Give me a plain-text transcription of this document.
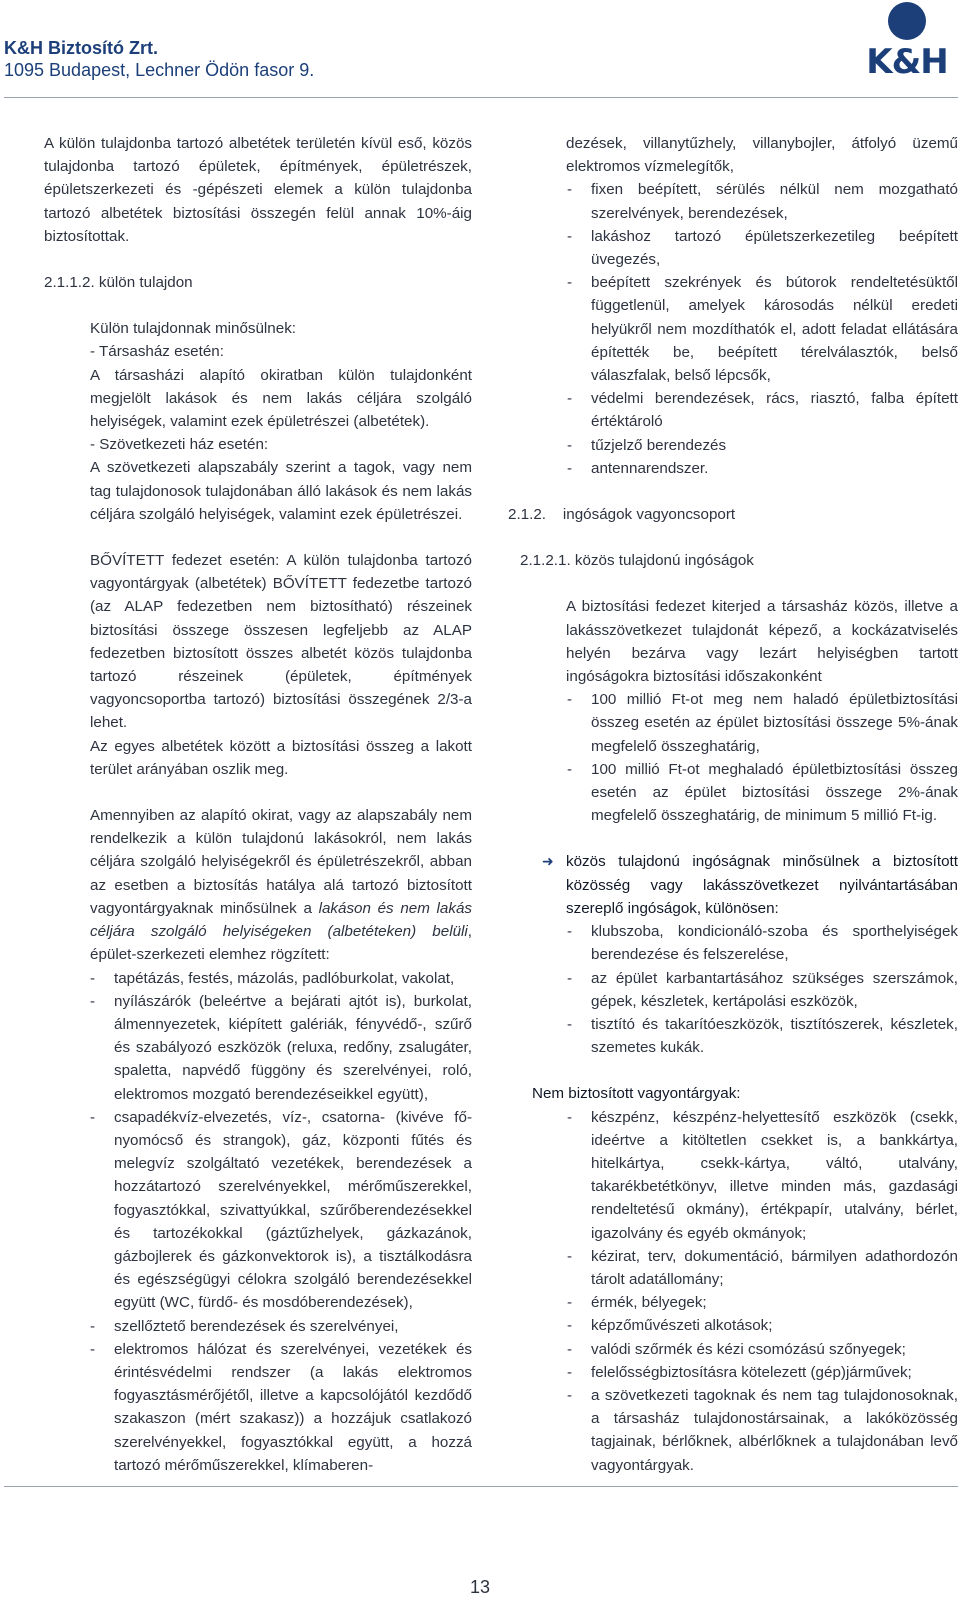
K&H Biztosító Zrt.
1095 Budapest, Lechner Ödön fasor 9.	K&H

A külön tulajdonba tartozó albetétek területén kívül eső, közös tulajdonba tartozó épületek, építmények, épületrészek, épületszerkezeti és -gépészeti elemek a külön tulajdonba tartozó albetétek biztosítási összegén felül annak 10%-áig biztosítottak.

2.1.1.2. külön tulajdon

Külön tulajdonnak minősülnek:

- Társasház esetén:

A társasházi alapító okiratban külön tulajdonként megjelölt lakások és nem lakás céljára szolgáló helyiségek, valamint ezek épületrészei (albetétek).

- Szövetkezeti ház esetén:

A szövetkezeti alapszabály szerint a tagok, vagy nem tag tulajdonosok tulajdonában álló lakások és nem lakás céljára szolgáló helyiségek, valamint ezek épületrészei.

BŐVÍTETT fedezet esetén: A külön tulajdonba tartozó vagyontárgyak (albetétek) BŐVÍTETT fedezetbe tartozó (az ALAP fedezetben nem biztosítható) részeinek biztosítási összege összesen legfeljebb az ALAP fedezetben biztosított összes albetét közös tulajdonba tartozó részeinek (épületek, építmények vagyoncsoportba tartozó) biztosítási összegének 2/3-a lehet.

Az egyes albetétek között a biztosítási összeg a lakott terület arányában oszlik meg.

Amennyiben az alapító okirat, vagy az alapszabály nem rendelkezik a külön tulajdonú lakásokról, nem lakás céljára szolgáló helyiségekről és épületrészekről, abban az esetben a biztosítás hatálya alá tartozó biztosított vagyontárgyaknak minősülnek a lakáson és nem lakás céljára szolgáló helyiségeken (albetéteken) belüli, épület-szerkezeti elemhez rögzített:

- tapétázás, festés, mázolás, padlóburkolat, vakolat,

- nyílászárók (beleértve a bejárati ajtót is), burkolat, álmennyezetek, kiépített galériák, fényvédő-, szűrő és szabályozó eszközök (reluxa, redőny, zsalugáter, spaletta, napvédő függöny és szerelvényei, roló, elektromos mozgató berendezéseikkel együtt),

- csapadékvíz-elvezetés, víz-, csatorna- (kivéve fő-nyomócső és strangok), gáz, központi fűtés és melegvíz szolgáltató vezetékek, berendezések a hozzátartozó szerelvényekkel, mérőműszerekkel, fogyasztókkal, szivattyúkkal, szűrőberendezésekkel és tartozékokkal (gáztűzhelyek, gázkazánok, gázbojlerek és gázkonvektorok is), a tisztálkodásra és egészségügyi célokra szolgáló berendezésekkel együtt (WC, fürdő- és mosdóberendezések),

- szellőztető berendezések és szerelvényei,

- elektromos hálózat és szerelvényei, vezetékek és érintésvédelmi rendszer (a lakás elektromos fogyasztásmérőjétől, illetve a kapcsolójától kezdődő szakaszon (mért szakasz)) a hozzájuk csatlakozó szerelvényekkel, fogyasztókkal együtt, a hozzá tartozó mérőműszerekkel, klímaberen-

dezések, villanytűzhely, villanybojler, átfolyó üzemű elektromos vízmelegítők,

- fixen beépített, sérülés nélkül nem mozgatható szerelvények, berendezések,

- lakáshoz tartozó épületszerkezetileg beépített üvegezés,

- beépített szekrények és bútorok rendeltetésüktől függetlenül, amelyek károsodás nélkül eredeti helyükről nem mozdíthatók el, adott feladat ellátására építették be, beépített térelválasztók, belső válaszfalak, belső lépcsők,

- védelmi berendezések, rács, riasztó, falba épített értéktároló

- tűzjelző berendezés

- antennarendszer.

2.1.2. ingóságok vagyoncsoport

2.1.2.1. közös tulajdonú ingóságok

A biztosítási fedezet kiterjed a társasház közös, illetve a lakásszövetkezet tulajdonát képező, a kockázatviselés helyén bezárva vagy lezárt helyiségben tartott ingóságokra biztosítási időszakonként

- 100 millió Ft-ot meg nem haladó épületbiztosítási összeg esetén az épület biztosítási összege 5%-ának megfelelő összeghatárig,

- 100 millió Ft-ot meghaladó épületbiztosítási összeg esetén az épület biztosítási összege 2%-ának megfelelő összeghatárig, de minimum 5 millió Ft-ig.

➜ közös tulajdonú ingóságnak minősülnek a biztosított közösség vagy lakásszövetkezet nyilvántartásában szereplő ingóságok, különösen:

- klubszoba, kondicionáló-szoba és sporthelyiségek berendezése és felszerelése,

- az épület karbantartásához szükséges szerszámok, gépek, készletek, kertápolási eszközök,

- tisztító és takarítóeszközök, tisztítószerek, készletek, szemetes kukák.

Nem biztosított vagyontárgyak:

- készpénz, készpénz-helyettesítő eszközök (csekk, ideértve a kitöltetlen csekket is, a bankkártya, hitelkártya, csekk-kártya, váltó, utalvány, takarékbetétkönyv, illetve minden más, gazdasági rendeltetésű okmány), értékpapír, utalvány, bérlet, igazolvány és egyéb okmányok;

- kézirat, terv, dokumentáció, bármilyen adathordozón tárolt adatállomány;

- érmék, bélyegek;

- képzőművészeti alkotások;

- valódi szőrmék és kézi csomózású szőnyegek;

- felelősségbiztosításra kötelezett (gép)járművek;

- a szövetkezeti tagoknak és nem tag tulajdonosoknak, a társasház tulajdonostársainak, a lakóközösség tagjainak, bérlőknek, albérlőknek a tulajdonában levő vagyontárgyak.

13
